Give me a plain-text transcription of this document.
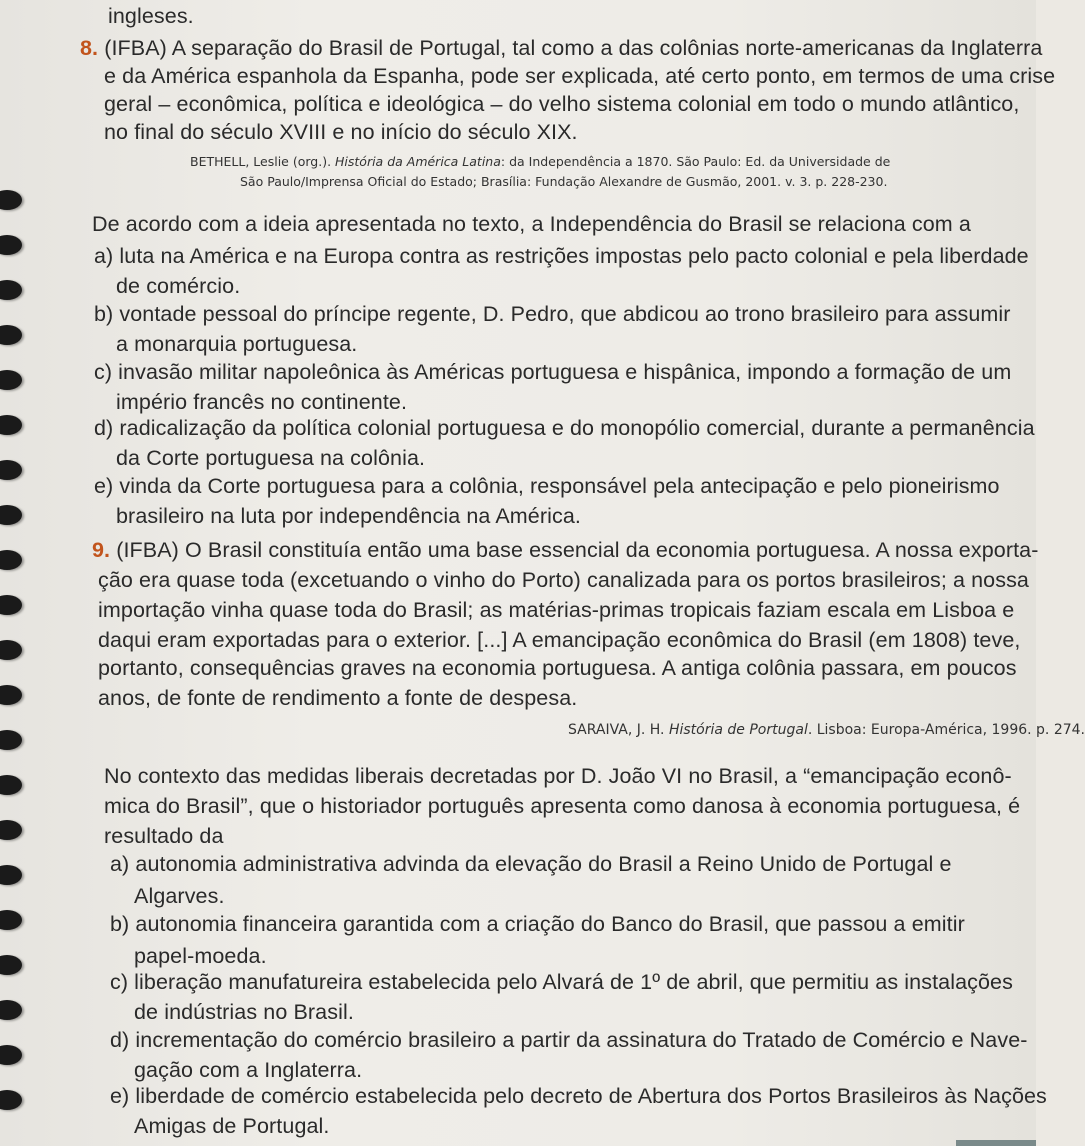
ingleses.
8. (IFBA) A separação do Brasil de Portugal, tal como a das colônias norte-americanas da Inglaterra
e da América espanhola da Espanha, pode ser explicada, até certo ponto, em termos de uma crise
geral – econômica, política e ideológica – do velho sistema colonial em todo o mundo atlântico,
no final do século XVIII e no início do século XIX.
BETHELL, Leslie (org.). História da América Latina: da Independência a 1870. São Paulo: Ed. da Universidade de
São Paulo/Imprensa Oficial do Estado; Brasília: Fundação Alexandre de Gusmão, 2001. v. 3. p. 228-230.
De acordo com a ideia apresentada no texto, a Independência do Brasil se relaciona com a
a) luta na América e na Europa contra as restrições impostas pelo pacto colonial e pela liberdade
de comércio.
b) vontade pessoal do príncipe regente, D. Pedro, que abdicou ao trono brasileiro para assumir
a monarquia portuguesa.
c) invasão militar napoleônica às Américas portuguesa e hispânica, impondo a formação de um
império francês no continente.
d) radicalização da política colonial portuguesa e do monopólio comercial, durante a permanência
da Corte portuguesa na colônia.
e) vinda da Corte portuguesa para a colônia, responsável pela antecipação e pelo pioneirismo
brasileiro na luta por independência na América.
9. (IFBA) O Brasil constituía então uma base essencial da economia portuguesa. A nossa exporta-
ção era quase toda (excetuando o vinho do Porto) canalizada para os portos brasileiros; a nossa
importação vinha quase toda do Brasil; as matérias-primas tropicais faziam escala em Lisboa e
daqui eram exportadas para o exterior. [...] A emancipação econômica do Brasil (em 1808) teve,
portanto, consequências graves na economia portuguesa. A antiga colônia passara, em poucos
anos, de fonte de rendimento a fonte de despesa.
SARAIVA, J. H. História de Portugal. Lisboa: Europa-América, 1996. p. 274.
No contexto das medidas liberais decretadas por D. João VI no Brasil, a “emancipação econô-
mica do Brasil”, que o historiador português apresenta como danosa à economia portuguesa, é
resultado da
a) autonomia administrativa advinda da elevação do Brasil a Reino Unido de Portugal e
Algarves.
b) autonomia financeira garantida com a criação do Banco do Brasil, que passou a emitir
papel-moeda.
c) liberação manufatureira estabelecida pelo Alvará de 1º de abril, que permitiu as instalações
de indústrias no Brasil.
d) incrementação do comércio brasileiro a partir da assinatura do Tratado de Comércio e Nave-
gação com a Inglaterra.
e) liberdade de comércio estabelecida pelo decreto de Abertura dos Portos Brasileiros às Nações
Amigas de Portugal.
